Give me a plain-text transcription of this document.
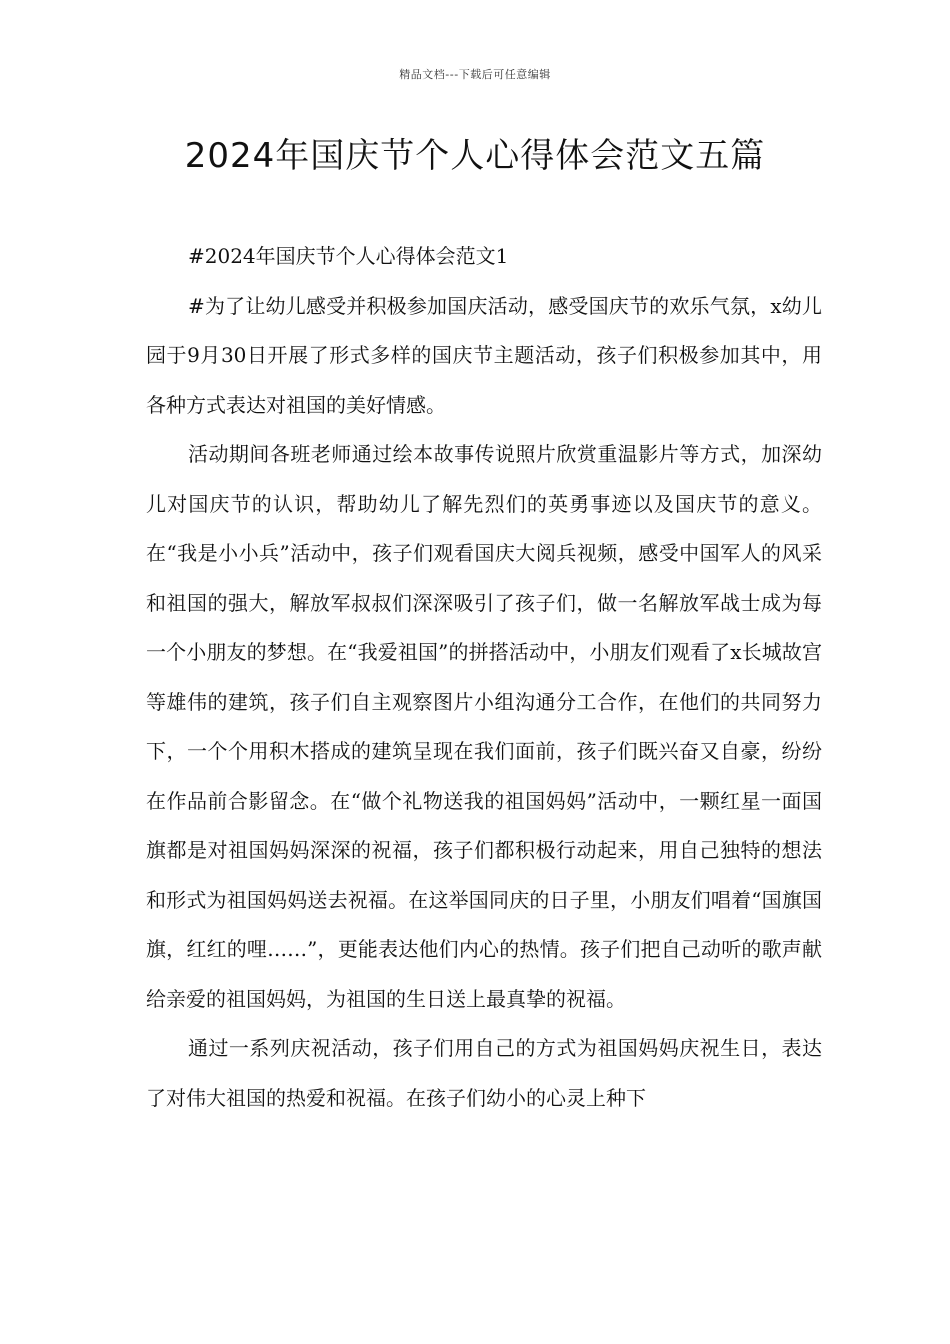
精品文档---下载后可任意编辑
2024年国庆节个人心得体会范文五篇

#2024年国庆节个人心得体会范文1

#为了让幼儿感受并积极参加国庆活动，感受国庆节的欢乐气氛，x幼儿园于9月30日开展了形式多样的国庆节主题活动，孩子们积极参加其中，用各种方式表达对祖国的美好情感。

活动期间各班老师通过绘本故事传说照片欣赏重温影片等方式，加深幼儿对国庆节的认识，帮助幼儿了解先烈们的英勇事迹以及国庆节的意义。在“我是小小兵”活动中，孩子们观看国庆大阅兵视频，感受中国军人的风采和祖国的强大，解放军叔叔们深深吸引了孩子们，做一名解放军战士成为每一个小朋友的梦想。在“我爱祖国”的拼搭活动中，小朋友们观看了x长城故宫等雄伟的建筑，孩子们自主观察图片小组沟通分工合作，在他们的共同努力下，一个个用积木搭成的建筑呈现在我们面前，孩子们既兴奋又自豪，纷纷在作品前合影留念。在“做个礼物送我的祖国妈妈”活动中，一颗红星一面国旗都是对祖国妈妈深深的祝福，孩子们都积极行动起来，用自己独特的想法和形式为祖国妈妈送去祝福。在这举国同庆的日子里，小朋友们唱着“国旗国旗，红红的哩……”，更能表达他们内心的热情。孩子们把自己动听的歌声献给亲爱的祖国妈妈，为祖国的生日送上最真挚的祝福。

通过一系列庆祝活动，孩子们用自己的方式为祖国妈妈庆祝生日，表达了对伟大祖国的热爱和祝福。在孩子们幼小的心灵上种下
